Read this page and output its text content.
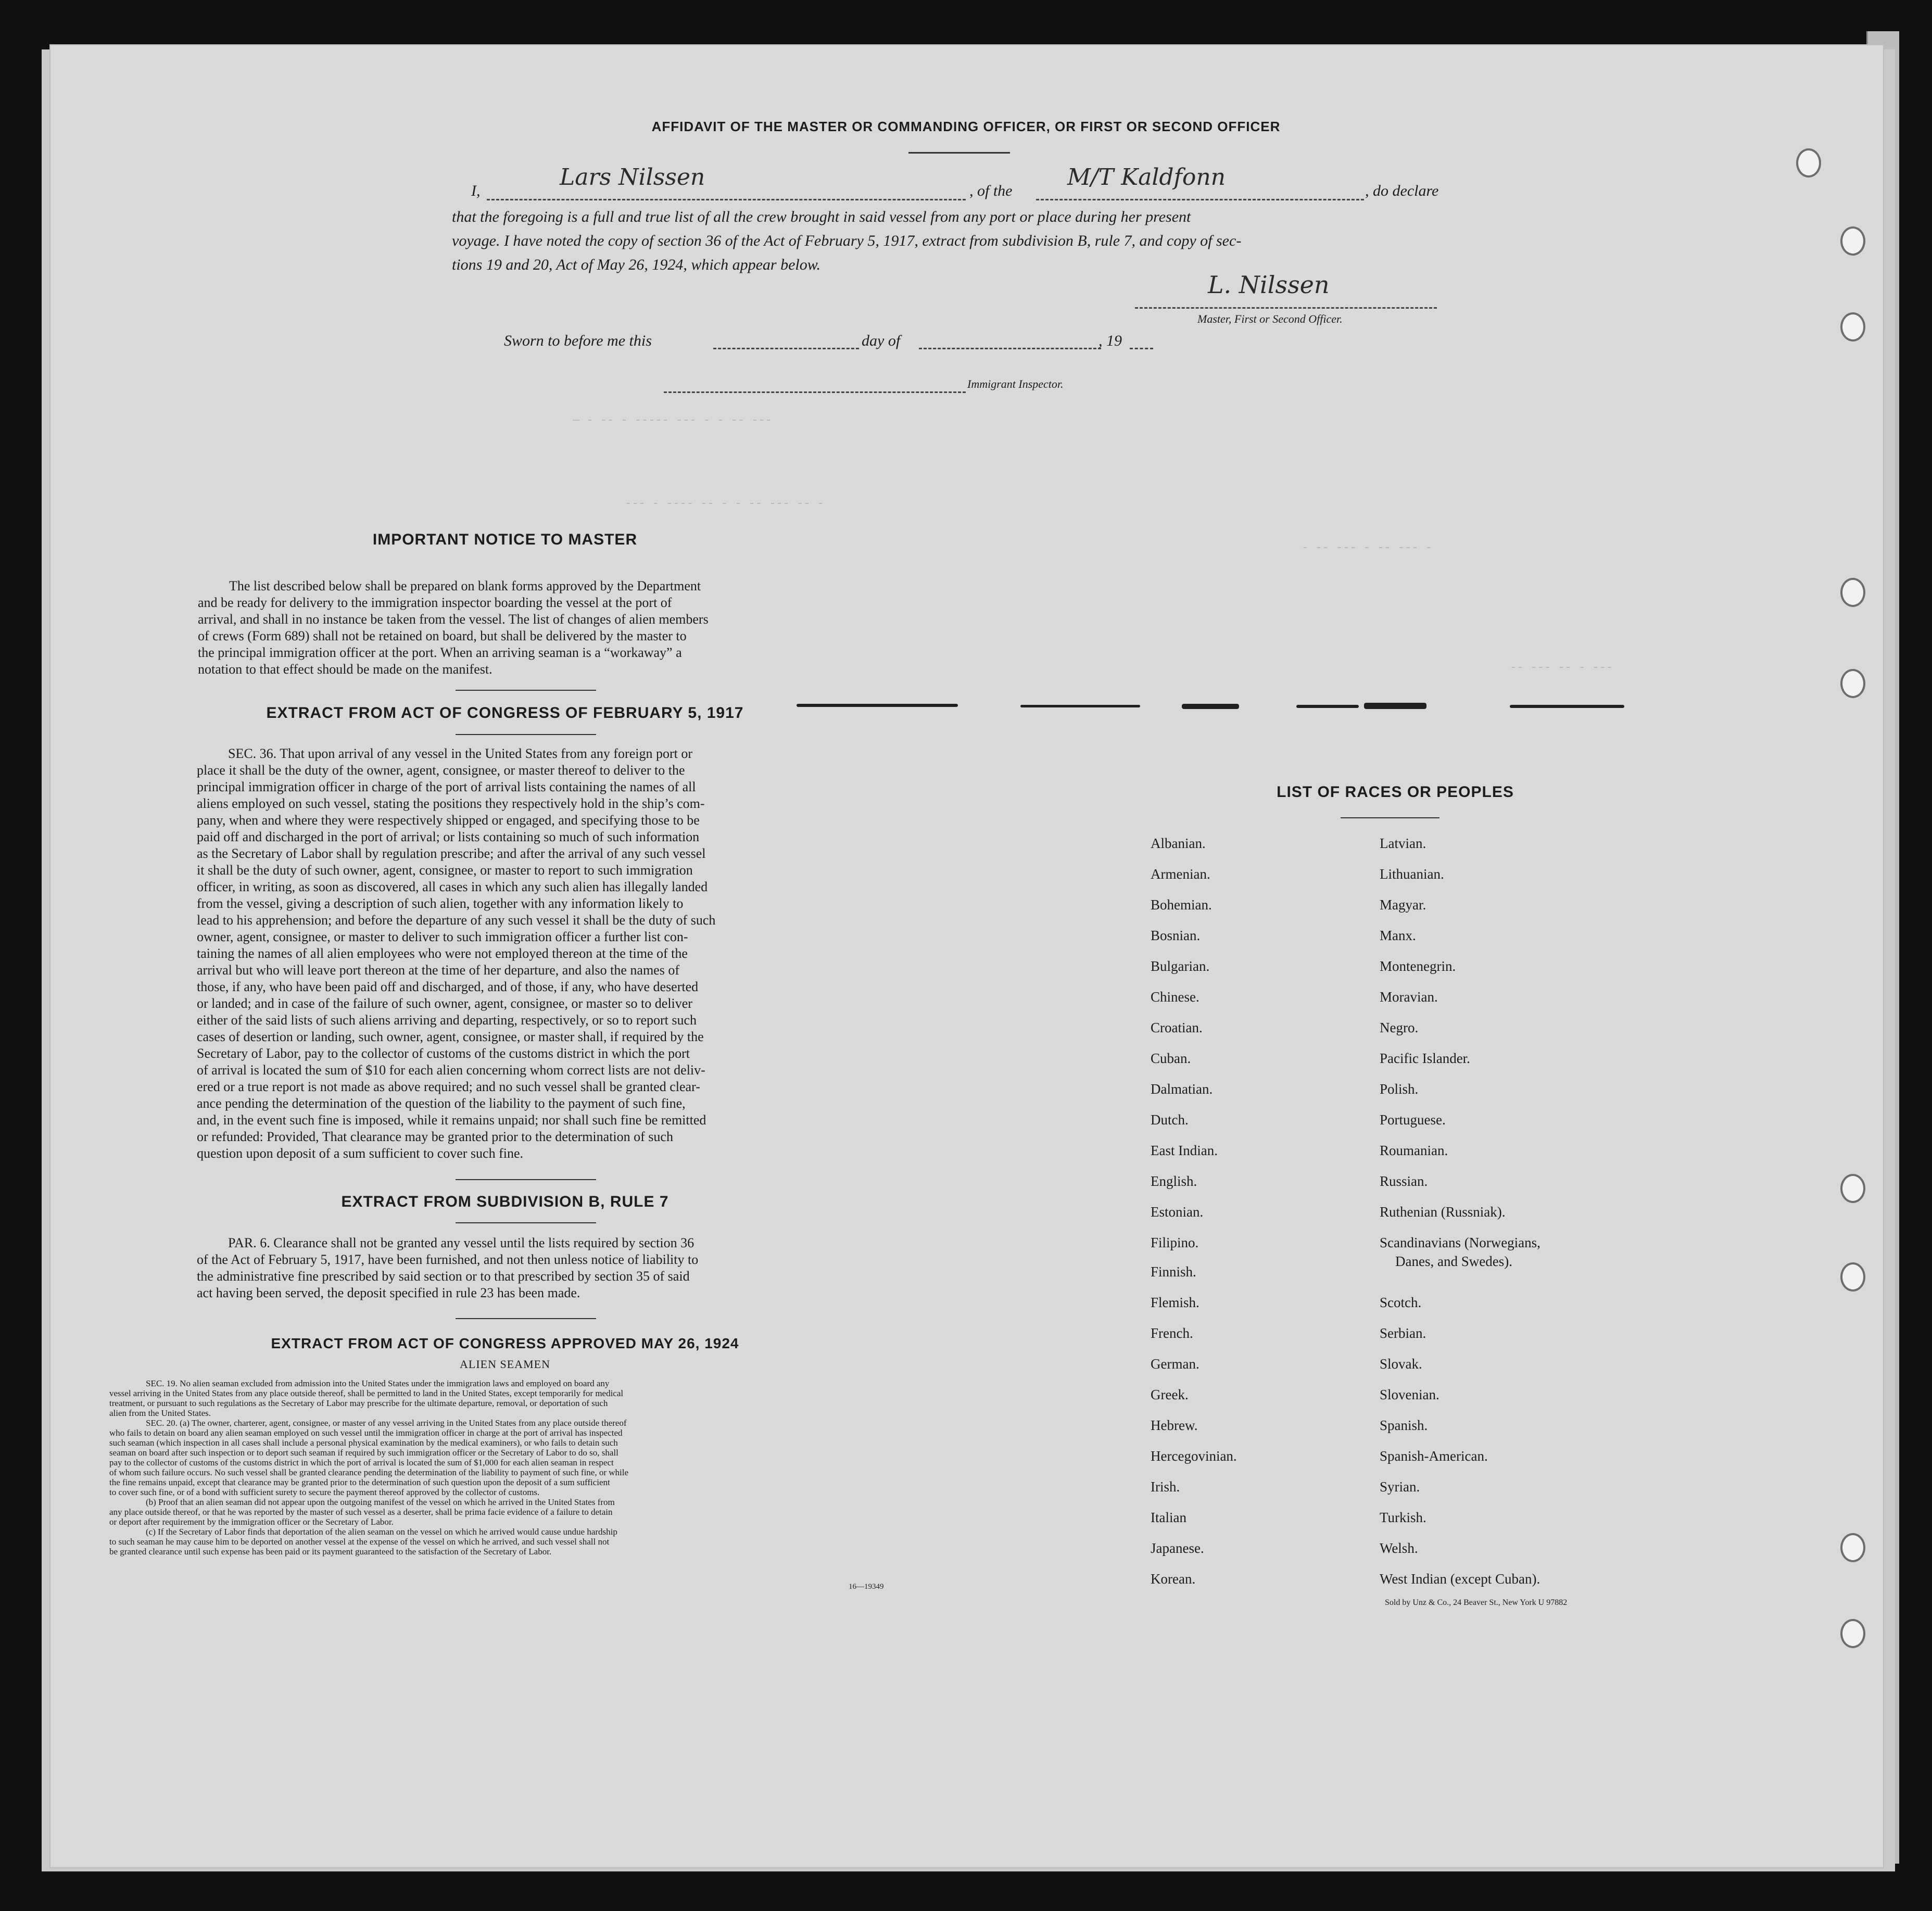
— - -- - ----- --- - - -- ---
--- - ---- -- - - -- --- -- -
- -- --- - -- --- -
-- --- -- - ---
AFFIDAVIT OF THE MASTER OR COMMANDING OFFICER, OR FIRST OR SECOND OFFICER
I,
Lars Nilssen
, of the
M/T Kaldfonn
, do declare
that the foregoing is a full and true list of all the crew brought in said vessel from any port or place during her present
voyage. I have noted the copy of section 36 of the Act of February 5, 1917, extract from subdivision B, rule 7, and copy of sec-
tions 19 and 20, Act of May 26, 1924, which appear below.
L. Nilssen
Master, First or Second Officer.
Sworn to before me this	day of	, 19
Immigrant Inspector.
IMPORTANT NOTICE TO MASTER
The list described below shall be prepared on blank forms approved by the Department
and be ready for delivery to the immigration inspector boarding the vessel at the port of
arrival, and shall in no instance be taken from the vessel. The list of changes of alien members
of crews (Form 689) shall not be retained on board, but shall be delivered by the master to
the principal immigration officer at the port. When an arriving seaman is a “workaway” a
notation to that effect should be made on the manifest.
EXTRACT FROM ACT OF CONGRESS OF FEBRUARY 5, 1917
SEC. 36. That upon arrival of any vessel in the United States from any foreign port or
place it shall be the duty of the owner, agent, consignee, or master thereof to deliver to the
principal immigration officer in charge of the port of arrival lists containing the names of all
aliens employed on such vessel, stating the positions they respectively hold in the ship’s com-
pany, when and where they were respectively shipped or engaged, and specifying those to be
paid off and discharged in the port of arrival; or lists containing so much of such information
as the Secretary of Labor shall by regulation prescribe; and after the arrival of any such vessel
it shall be the duty of such owner, agent, consignee, or master to report to such immigration
officer, in writing, as soon as discovered, all cases in which any such alien has illegally landed
from the vessel, giving a description of such alien, together with any information likely to
lead to his apprehension; and before the departure of any such vessel it shall be the duty of such
owner, agent, consignee, or master to deliver to such immigration officer a further list con-
taining the names of all alien employees who were not employed thereon at the time of the
arrival but who will leave port thereon at the time of her departure, and also the names of
those, if any, who have been paid off and discharged, and of those, if any, who have deserted
or landed; and in case of the failure of such owner, agent, consignee, or master so to deliver
either of the said lists of such aliens arriving and departing, respectively, or so to report such
cases of desertion or landing, such owner, agent, consignee, or master shall, if required by the
Secretary of Labor, pay to the collector of customs of the customs district in which the port
of arrival is located the sum of $10 for each alien concerning whom correct lists are not deliv-
ered or a true report is not made as above required; and no such vessel shall be granted clear-
ance pending the determination of the question of the liability to the payment of such fine,
and, in the event such fine is imposed, while it remains unpaid; nor shall such fine be remitted
or refunded: Provided, That clearance may be granted prior to the determination of such
question upon deposit of a sum sufficient to cover such fine.
EXTRACT FROM SUBDIVISION B, RULE 7
PAR. 6. Clearance shall not be granted any vessel until the lists required by section 36
of the Act of February 5, 1917, have been furnished, and not then unless notice of liability to
the administrative fine prescribed by said section or to that prescribed by section 35 of said
act having been served, the deposit specified in rule 23 has been made.
EXTRACT FROM ACT OF CONGRESS APPROVED MAY 26, 1924
ALIEN SEAMEN
SEC. 19. No alien seaman excluded from admission into the United States under the immigration laws and employed on board any
vessel arriving in the United States from any place outside thereof, shall be permitted to land in the United States, except temporarily for medical
treatment, or pursuant to such regulations as the Secretary of Labor may prescribe for the ultimate departure, removal, or deportation of such
alien from the United States.
SEC. 20. (a) The owner, charterer, agent, consignee, or master of any vessel arriving in the United States from any place outside thereof
who fails to detain on board any alien seaman employed on such vessel until the immigration officer in charge at the port of arrival has inspected
such seaman (which inspection in all cases shall include a personal physical examination by the medical examiners), or who fails to detain such
seaman on board after such inspection or to deport such seaman if required by such immigration officer or the Secretary of Labor to do so, shall
pay to the collector of customs of the customs district in which the port of arrival is located the sum of $1,000 for each alien seaman in respect
of whom such failure occurs. No such vessel shall be granted clearance pending the determination of the liability to payment of such fine, or while
the fine remains unpaid, except that clearance may be granted prior to the determination of such question upon the deposit of a sum sufficient
to cover such fine, or of a bond with sufficient surety to secure the payment thereof approved by the collector of customs.
(b) Proof that an alien seaman did not appear upon the outgoing manifest of the vessel on which he arrived in the United States from
any place outside thereof, or that he was reported by the master of such vessel as a deserter, shall be prima facie evidence of a failure to detain
or deport after requirement by the immigration officer or the Secretary of Labor.
(c) If the Secretary of Labor finds that deportation of the alien seaman on the vessel on which he arrived would cause undue hardship
to such seaman he may cause him to be deported on another vessel at the expense of the vessel on which he arrived, and such vessel shall not
be granted clearance until such expense has been paid or its payment guaranteed to the satisfaction of the Secretary of Labor.
16—19349
LIST OF RACES OR PEOPLES
Albanian.
Armenian.
Bohemian.
Bosnian.
Bulgarian.
Chinese.
Croatian.
Cuban.
Dalmatian.
Dutch.
East Indian.
English.
Estonian.
Filipino.
Finnish.
Flemish.
French.
German.
Greek.
Hebrew.
Hercegovinian.
Irish.
Italian
Japanese.
Korean.
Latvian.
Lithuanian.
Magyar.
Manx.
Montenegrin.
Moravian.
Negro.
Pacific Islander.
Polish.
Portuguese.
Roumanian.
Russian.
Ruthenian (Russniak).
Scandinavians (Norwegians,
Danes, and Swedes).
Scotch.
Serbian.
Slovak.
Slovenian.
Spanish.
Spanish-American.
Syrian.
Turkish.
Welsh.
West Indian (except Cuban).
Sold by Unz & Co., 24 Beaver St., New York U 97882
